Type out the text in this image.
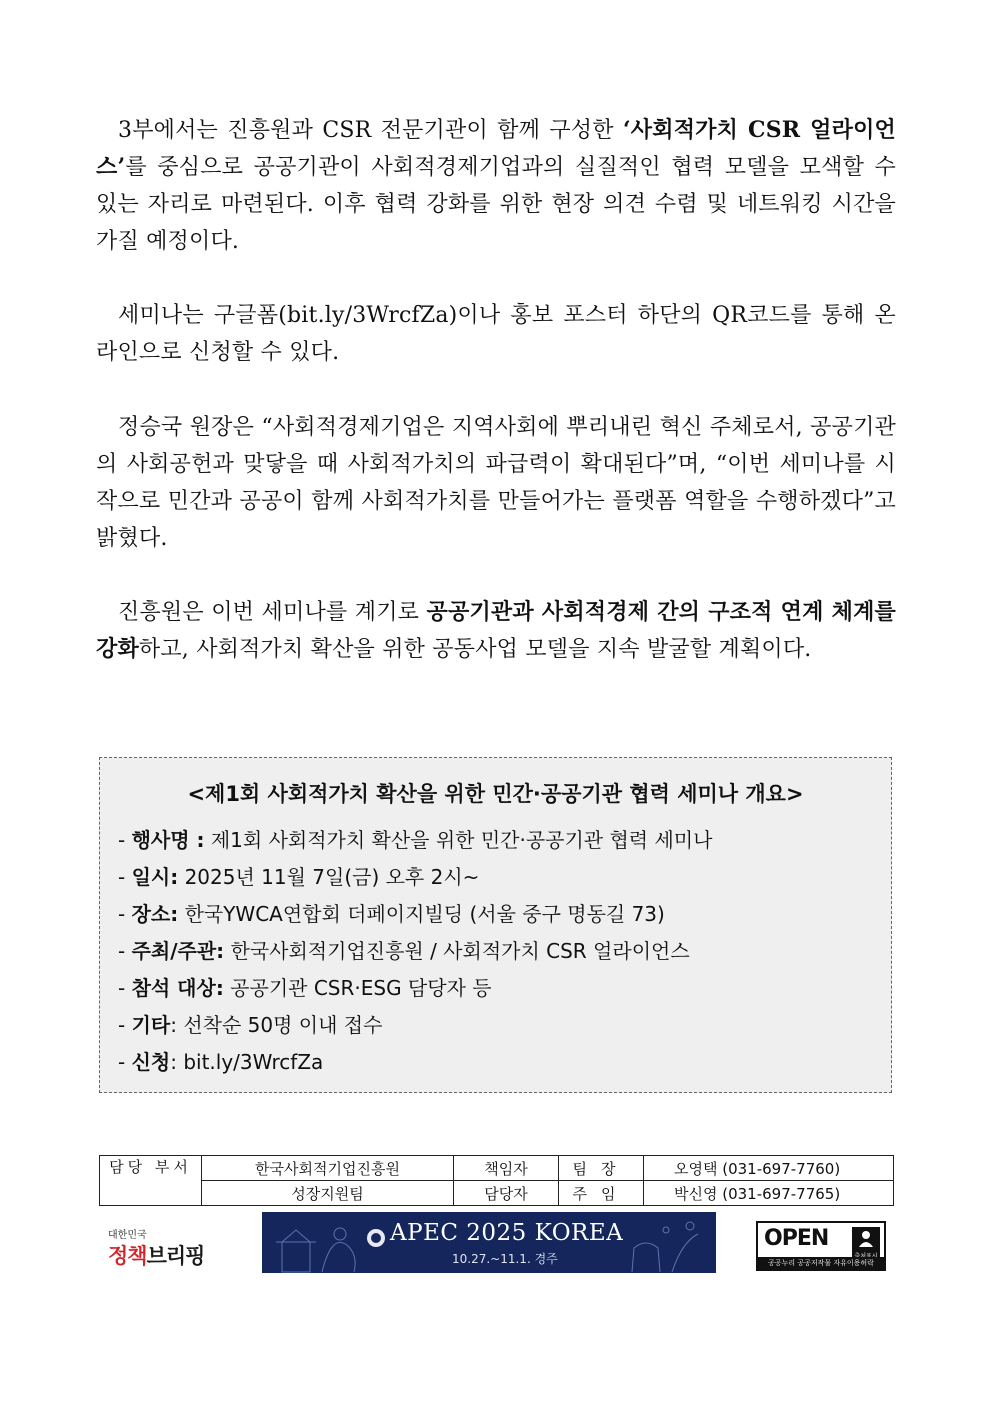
3부에서는 진흥원과 CSR 전문기관이 함께 구성한 ‘사회적가치 CSR 얼라이언스’를 중심으로 공공기관이 사회적경제기업과의 실질적인 협력 모델을 모색할 수 있는 자리로 마련된다. 이후 협력 강화를 위한 현장 의견 수렴 및 네트워킹 시간을 가질 예정이다.

세미나는 구글폼(bit.ly/3WrcfZa)이나 홍보 포스터 하단의 QR코드를 통해 온라인으로 신청할 수 있다.

정승국 원장은 “사회적경제기업은 지역사회에 뿌리내린 혁신 주체로서, 공공기관의 사회공헌과 맞닿을 때 사회적가치의 파급력이 확대된다”며, “이번 세미나를 시작으로 민간과 공공이 함께 사회적가치를 만들어가는 플랫폼 역할을 수행하겠다”고 밝혔다.

진흥원은 이번 세미나를 계기로 공공기관과 사회적경제 간의 구조적 연계 체계를 강화하고, 사회적가치 확산을 위한 공동사업 모델을 지속 발굴할 계획이다.

<제1회 사회적가치 확산을 위한 민간·공공기관 협력 세미나 개요>
- 행사명 : 제1회 사회적가치 확산을 위한 민간·공공기관 협력 세미나
- 일시: 2025년 11월 7일(금) 오후 2시~
- 장소: 한국YWCA연합회 더페이지빌딩 (서울 중구 명동길 73)
- 주최/주관: 한국사회적기업진흥원 / 사회적가치 CSR 얼라이언스
- 참석 대상: 공공기관 CSR·ESG 담당자 등
- 기타: 선착순 50명 이내 접수
- 신청: bit.ly/3WrcfZa
담당 부서	한국사회적기업진흥원	책임자	팀장	오영택 (031-697-7760)
	성장지원팀	담당자	주임	박신영 (031-697-7765)
대한민국
정책브리핑
APEC 2025 KOREA
10.27.~11.1. 경주
OPEN
공공누리 공공저작물 자유이용허락
